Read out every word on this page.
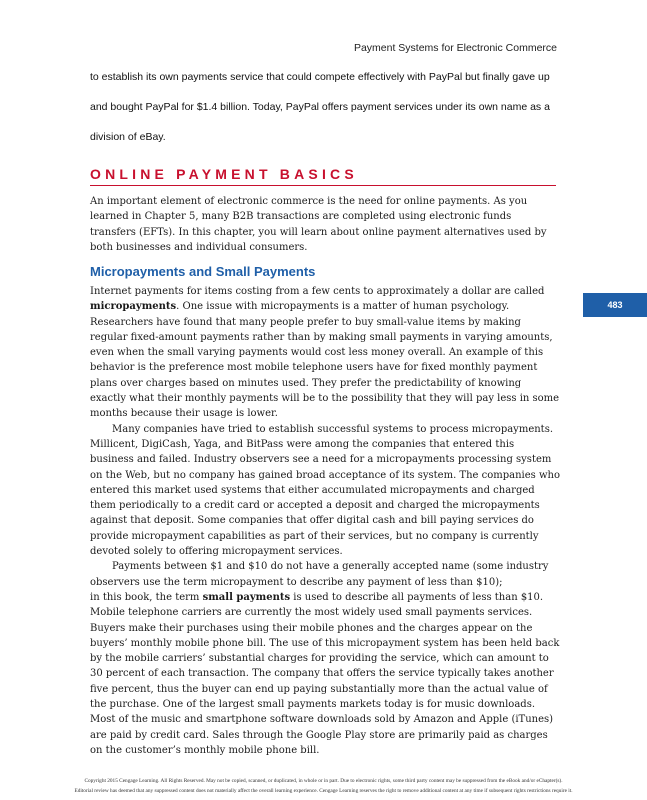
Payment Systems for Electronic Commerce

to establish its own payments service that could compete effectively with PayPal but finally gave up and bought PayPal for $1.4 billion. Today, PayPal offers payment services under its own name as a division of eBay.

ONLINE PAYMENT BASICS

An important element of electronic commerce is the need for online payments. As you learned in Chapter 5, many B2B transactions are completed using electronic funds transfers (EFTs). In this chapter, you will learn about online payment alternatives used by both businesses and individual consumers.

Micropayments and Small Payments

Internet payments for items costing from a few cents to approximately a dollar are called micropayments. One issue with micropayments is a matter of human psychology. Researchers have found that many people prefer to buy small-value items by making regular fixed-amount payments rather than by making small payments in varying amounts, even when the small varying payments would cost less money overall. An example of this behavior is the preference most mobile telephone users have for fixed monthly payment plans over charges based on minutes used. They prefer the predictability of knowing exactly what their monthly payments will be to the possibility that they will pay less in some months because their usage is lower.

Many companies have tried to establish successful systems to process micropayments. Millicent, DigiCash, Yaga, and BitPass were among the companies that entered this business and failed. Industry observers see a need for a micropayments processing system on the Web, but no company has gained broad acceptance of its system. The companies who entered this market used systems that either accumulated micropayments and charged them periodically to a credit card or accepted a deposit and charged the micropayments against that deposit. Some companies that offer digital cash and bill paying services do provide micropayment capabilities as part of their services, but no company is currently devoted solely to offering micropayment services.

Payments between $1 and $10 do not have a generally accepted name (some industry observers use the term micropayment to describe any payment of less than $10);

in this book, the term small payments is used to describe all payments of less than $10. Mobile telephone carriers are currently the most widely used small payments services. Buyers make their purchases using their mobile phones and the charges appear on the buyers’ monthly mobile phone bill. The use of this micropayment system has been held back by the mobile carriers’ substantial charges for providing the service, which can amount to 30 percent of each transaction. The company that offers the service typically takes another five percent, thus the buyer can end up paying substantially more than the actual value of the purchase. One of the largest small payments markets today is for music downloads. Most of the music and smartphone software downloads sold by Amazon and Apple (iTunes) are paid by credit card. Sales through the Google Play store are primarily paid as charges on the customer’s monthly mobile phone bill.

483
Copyright 2015 Cengage Learning. All Rights Reserved. May not be copied, scanned, or duplicated, in whole or in part. Due to electronic rights, some third party content may be suppressed from the eBook and/or eChapter(s).
Editorial review has deemed that any suppressed content does not materially affect the overall learning experience. Cengage Learning reserves the right to remove additional content at any time if subsequent rights restrictions require it.
